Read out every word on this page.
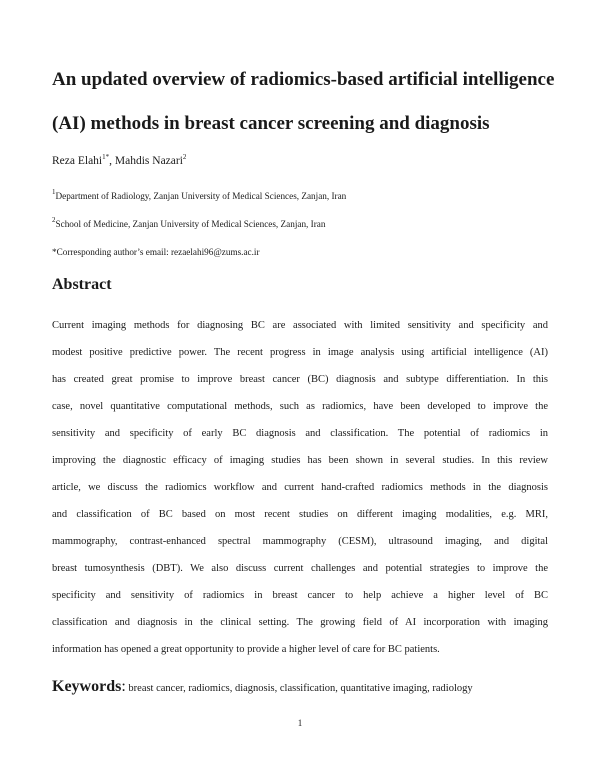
An updated overview of radiomics-based artificial intelligence
(AI) methods in breast cancer screening and diagnosis
Reza Elahi$^{1*}$, Mahdis Nazari$^2$
$^1$Department of Radiology, Zanjan University of Medical Sciences, Zanjan, Iran
$^2$School of Medicine, Zanjan University of Medical Sciences, Zanjan, Iran
*Corresponding author’s email: rezaelahi96@zums.ac.ir
Abstract
Current imaging methods for diagnosing BC are associated with limited sensitivity and specificity and
modest positive predictive power. The recent progress in image analysis using artificial intelligence (AI)
has created great promise to improve breast cancer (BC) diagnosis and subtype differentiation. In this
case, novel quantitative computational methods, such as radiomics, have been developed to improve the
sensitivity and specificity of early BC diagnosis and classification. The potential of radiomics in
improving the diagnostic efficacy of imaging studies has been shown in several studies. In this review
article, we discuss the radiomics workflow and current hand-crafted radiomics methods in the diagnosis
and classification of BC based on most recent studies on different imaging modalities, e.g. MRI,
mammography, contrast-enhanced spectral mammography (CESM), ultrasound imaging, and digital
breast tumosynthesis (DBT). We also discuss current challenges and potential strategies to improve the
specificity and sensitivity of radiomics in breast cancer to help achieve a higher level of BC
classification and diagnosis in the clinical setting. The growing field of AI incorporation with imaging
information has opened a great opportunity to provide a higher level of care for BC patients.
Keywords: breast cancer, radiomics, diagnosis, classification, quantitative imaging, radiology
1
